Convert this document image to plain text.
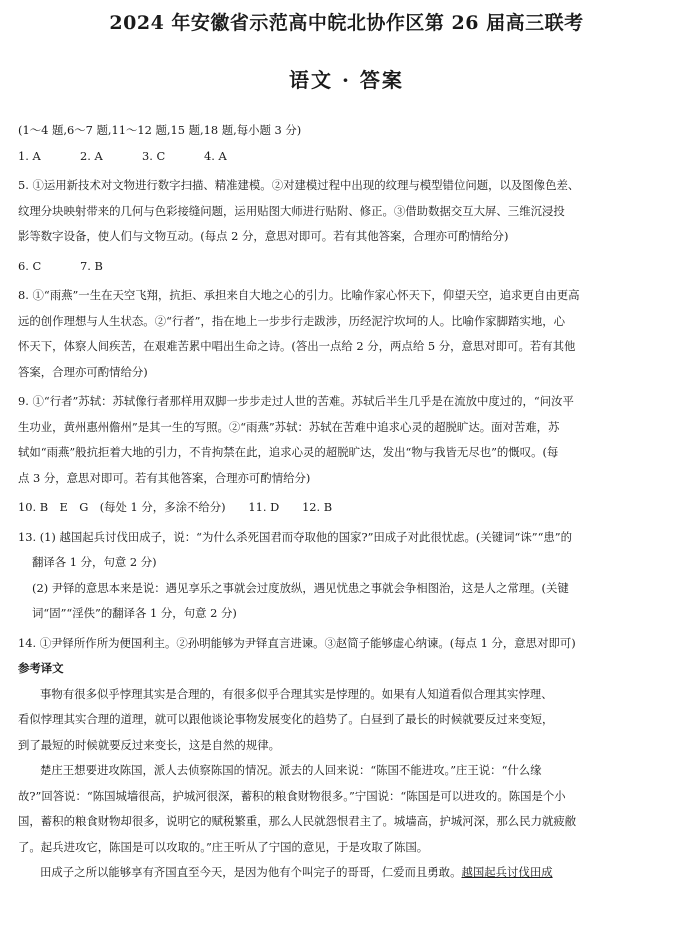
2024 年安徽省示范高中皖北协作区第 26 届高三联考
语文 · 答案
(1～4 题,6～7 题,11～12 题,15 题,18 题,每小题 3 分)
1. A	2. A	3. C	4. A
5. ①运用新技术对文物进行数字扫描、精准建模。②对建模过程中出现的纹理与模型错位问题，以及图像色差、
纹理分块映射带来的几何与色彩接缝问题，运用贴图大师进行贴附、修正。③借助数据交互大屏、三维沉浸投
影等数字设备，使人们与文物互动。(每点 2 分，意思对即可。若有其他答案，合理亦可酌情给分)
6. C	7. B
8. ①“雨燕”一生在天空飞翔，抗拒、承担来自大地之心的引力。比喻作家心怀天下，仰望天空，追求更自由更高
远的创作理想与人生状态。②“行者”，指在地上一步步行走跋涉，历经泥泞坎坷的人。比喻作家脚踏实地，心
怀天下，体察人间疾苦，在艰难苦累中唱出生命之诗。(答出一点给 2 分，两点给 5 分，意思对即可。若有其他
答案，合理亦可酌情给分)
9. ①“行者”苏轼：苏轼像行者那样用双脚一步步走过人世的苦难。苏轼后半生几乎是在流放中度过的，“问汝平
生功业，黄州惠州儋州”是其一生的写照。②“雨燕”苏轼：苏轼在苦难中追求心灵的超脱旷达。面对苦难，苏
轼如“雨燕”般抗拒着大地的引力，不肯拘禁在此，追求心灵的超脱旷达，发出“物与我皆无尽也”的慨叹。(每
点 3 分，意思对即可。若有其他答案，合理亦可酌情给分)
10. B　E　G　(每处 1 分，多涂不给分)　　 11. D　　 12. B
13. (1) 越国起兵讨伐田成子，说：“为什么杀死国君而夺取他的国家?”田成子对此很忧虑。(关键词“诛”“患”的
翻译各 1 分，句意 2 分)
(2) 尹铎的意思本来是说：遇见享乐之事就会过度放纵，遇见忧患之事就会争相图治，这是人之常理。(关键
词“固”“淫佚”的翻译各 1 分，句意 2 分)
14. ①尹铎所作所为便国利主。②孙明能够为尹铎直言进谏。③赵简子能够虚心纳谏。(每点 1 分，意思对即可)
参考译文
事物有很多似乎悖理其实是合理的，有很多似乎合理其实是悖理的。如果有人知道看似合理其实悖理、
看似悖理其实合理的道理，就可以跟他谈论事物发展变化的趋势了。白昼到了最长的时候就要反过来变短，
到了最短的时候就要反过来变长，这是自然的规律。
楚庄王想要进攻陈国，派人去侦察陈国的情况。派去的人回来说：“陈国不能进攻。”庄王说：“什么缘
故?”回答说：“陈国城墙很高，护城河很深，蓄积的粮食财物很多。”宁国说：“陈国是可以进攻的。陈国是个小
国，蓄积的粮食财物却很多，说明它的赋税繁重，那么人民就怨恨君主了。城墙高，护城河深，那么民力就疲敝
了。起兵进攻它，陈国是可以攻取的。”庄王听从了宁国的意见，于是攻取了陈国。
田成子之所以能够享有齐国直至今天，是因为他有个叫完子的哥哥，仁爱而且勇敢。越国起兵讨伐田成
